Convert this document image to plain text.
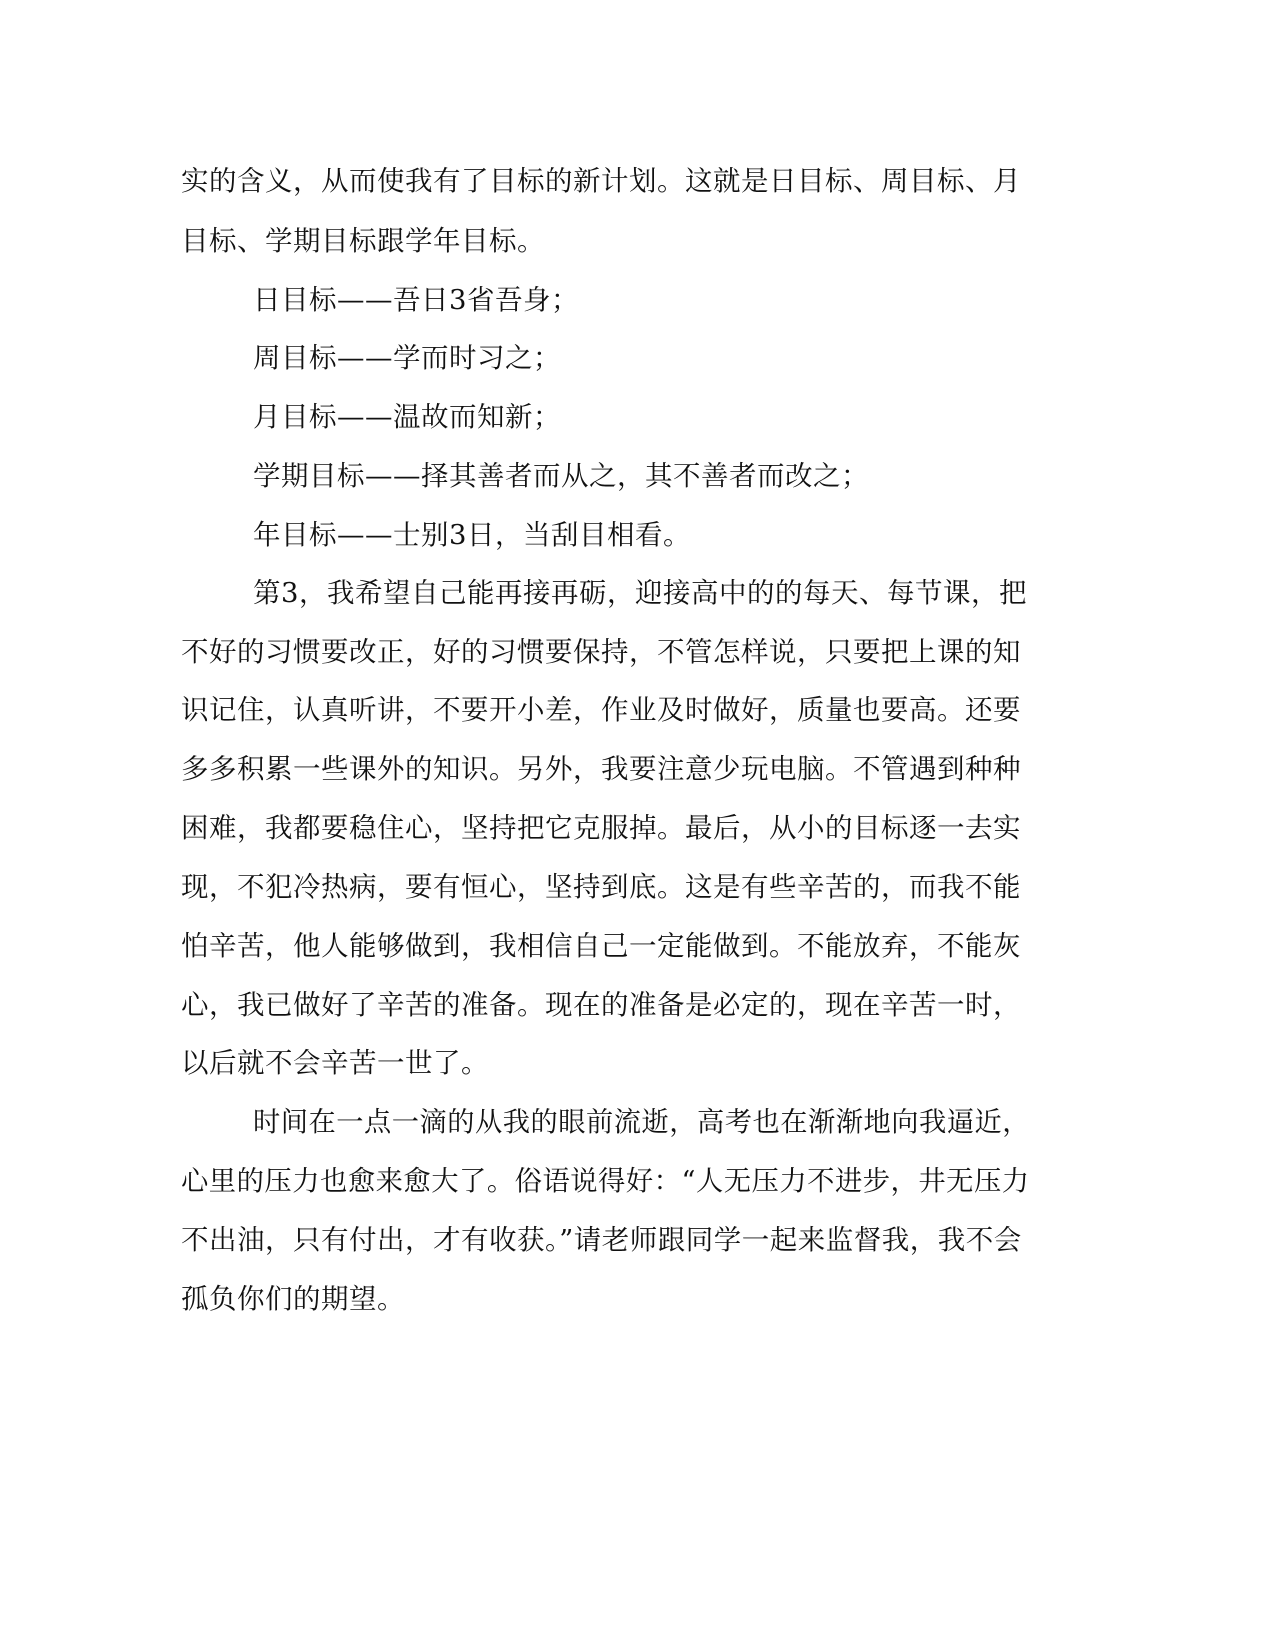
实的含义，从而使我有了目标的新计划。这就是日目标、周目标、月
目标、学期目标跟学年目标。
日目标——吾日3省吾身；
周目标——学而时习之；
月目标——温故而知新；
学期目标——择其善者而从之，其不善者而改之；
年目标——士别3日，当刮目相看。
第3，我希望自己能再接再砺，迎接高中的的每天、每节课，把
不好的习惯要改正，好的习惯要保持，不管怎样说，只要把上课的知
识记住，认真听讲，不要开小差，作业及时做好，质量也要高。还要
多多积累一些课外的知识。另外，我要注意少玩电脑。不管遇到种种
困难，我都要稳住心，坚持把它克服掉。最后，从小的目标逐一去实
现，不犯冷热病，要有恒心，坚持到底。这是有些辛苦的，而我不能
怕辛苦，他人能够做到，我相信自己一定能做到。不能放弃，不能灰
心，我已做好了辛苦的准备。现在的准备是必定的，现在辛苦一时，
以后就不会辛苦一世了。
时间在一点一滴的从我的眼前流逝，高考也在渐渐地向我逼近，
心里的压力也愈来愈大了。俗语说得好：“人无压力不进步，井无压力
不出油，只有付出，才有收获。”请老师跟同学一起来监督我，我不会
孤负你们的期望。
